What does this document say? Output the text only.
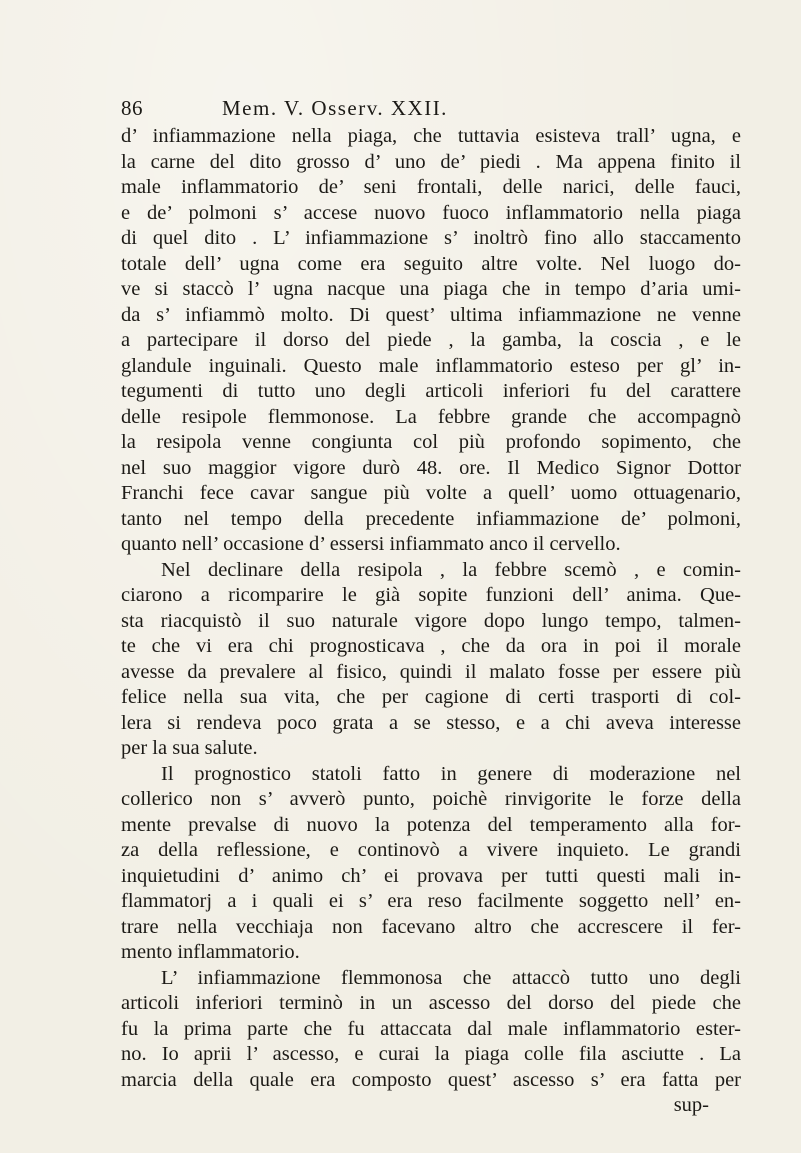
86	Mem. V. Osserv. XXII.
d’ infiammazione nella piaga, che tuttavia esisteva trall’ ugna, e
la carne del dito grosso d’ uno de’ piedi . Ma appena finito il
male inflammatorio de’ seni frontali, delle narici, delle fauci,
e de’ polmoni s’ accese nuovo fuoco inflammatorio nella piaga
di quel dito . L’ infiammazione s’ inoltrò fino allo staccamento
totale dell’ ugna come era seguito altre volte. Nel luogo do-
ve si staccò l’ ugna nacque una piaga che in tempo d’aria umi-
da s’ infiammò molto. Di quest’ ultima infiammazione ne venne
a partecipare il dorso del piede , la gamba, la coscia , e le
glandule inguinali. Questo male inflammatorio estesо per gl’ in-
tegumenti di tutto uno degli articoli inferiori fu del carattere
delle resipole flemmonose. La febbre grande che accompagnò
la resipola venne congiunta col più profondo sopimento, che
nel suo maggior vigore durò 48. ore. Il Medico Signor Dottor
Franchi fece cavar sangue più volte a quell’ uomo ottuagenario,
tanto nel tempo della precedente infiammazione de’ polmoni,
quanto nell’ occasione d’ essersi infiammato anco il cervello.
Nel declinare della resipola , la febbre scemò , e comin-
ciarono a ricomparire le già sopite funzioni dell’ anima. Que-
sta riacquistò il suo naturale vigore dopo lungo tempo, talmen-
te che vi era chi prognosticava , che da ora in poi il morale
avesse da prevalere al fisico, quindi il malato fosse per essere più
felice nella sua vita, che per cagione di certi trasporti di col-
lera si rendeva poco grata a se stesso, e a chi aveva interesse
per la sua salute.
Il prognostico statoli fatto in genere di moderazione nel
collerico non s’ avverò punto, poichè rinvigorite le forze della
mente prevalse di nuovo la potenza del temperamento alla for-
za della reflessione, e continovò a vivere inquieto. Le grandi
inquietudini d’ animo ch’ ei provava per tutti questi mali in-
flammatorj a i quali ei s’ era reso facilmente soggetto nell’ en-
trare nella vecchiaja non facevano altro che accrescere il fer-
mento inflammatorio.
L’ infiammazione flemmonosa che attaccò tutto uno degli
articoli inferiori terminò in un ascesso del dorso del piede che
fu la prima parte che fu attaccata dal male inflammatorio ester-
no. Io aprii l’ ascesso, e curai la piaga colle fila asciutte . La
marcia della quale era composto quest’ ascesso s’ era fatta per
sup-
